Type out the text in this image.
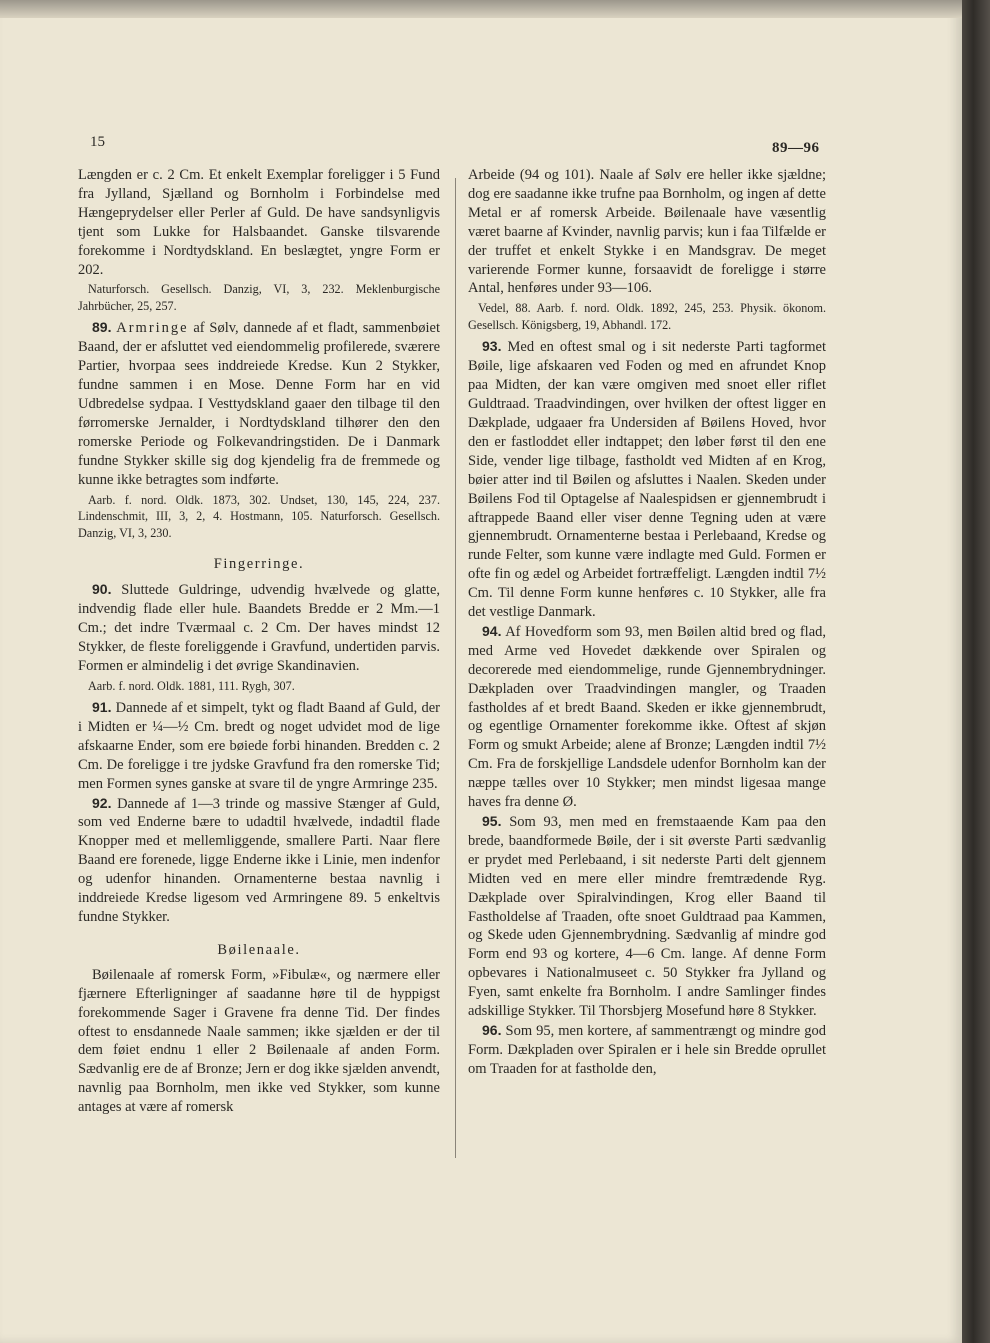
15	89—96

Længden er c. 2 Cm. Et enkelt Exemplar foreligger i 5 Fund fra Jylland, Sjælland og Bornholm i Forbindelse med Hængeprydelser eller Perler af Guld. De have sandsynligvis tjent som Lukke for Halsbaandet. Ganske tilsvarende forekomme i Nordtydskland. En beslægtet, yngre Form er 202.

Naturforsch. Gesellsch. Danzig, VI, 3, 232. Meklenburgische Jahrbücher, 25, 257.

89. Armringe af Sølv, dannede af et fladt, sammenbøiet Baand, der er afsluttet ved eiendommelig profilerede, sværere Partier, hvorpaa sees inddreiede Kredse. Kun 2 Stykker, fundne sammen i en Mose. Denne Form har en vid Udbredelse sydpaa. I Vesttydskland gaaer den tilbage til den førromerske Jernalder, i Nordtydskland tilhører den den romerske Periode og Folkevandringstiden. De i Danmark fundne Stykker skille sig dog kjendelig fra de fremmede og kunne ikke betragtes som indførte.

Aarb. f. nord. Oldk. 1873, 302. Undset, 130, 145, 224, 237. Lindenschmit, III, 3, 2, 4. Hostmann, 105. Naturforsch. Gesellsch. Danzig, VI, 3, 230.

Fingerringe.

90. Sluttede Guldringe, udvendig hvælvede og glatte, indvendig flade eller hule. Baandets Bredde er 2 Mm.—1 Cm.; det indre Tværmaal c. 2 Cm. Der haves mindst 12 Stykker, de fleste foreliggende i Gravfund, undertiden parvis. Formen er almindelig i det øvrige Skandinavien.

Aarb. f. nord. Oldk. 1881, 111. Rygh, 307.

91. Dannede af et simpelt, tykt og fladt Baand af Guld, der i Midten er ¼—½ Cm. bredt og noget udvidet mod de lige afskaarne Ender, som ere bøiede forbi hinanden. Bredden c. 2 Cm. De foreligge i tre jydske Gravfund fra den romerske Tid; men Formen synes ganske at svare til de yngre Armringe 235.

92. Dannede af 1—3 trinde og massive Stænger af Guld, som ved Enderne bære to udadtil hvælvede, indadtil flade Knopper med et mellemliggende, smallere Parti. Naar flere Baand ere forenede, ligge Enderne ikke i Linie, men indenfor og udenfor hinanden. Ornamenterne bestaa navnlig i inddreiede Kredse ligesom ved Armringene 89. 5 enkeltvis fundne Stykker.

Bøilenaale.

Bøilenaale af romersk Form, »Fibulæ«, og nærmere eller fjærnere Efterligninger af saadanne høre til de hyppigst forekommende Sager i Gravene fra denne Tid. Der findes oftest to ensdannede Naale sammen; ikke sjælden er der til dem føiet endnu 1 eller 2 Bøilenaale af anden Form. Sædvanlig ere de af Bronze; Jern er dog ikke sjælden anvendt, navnlig paa Bornholm, men ikke ved Stykker, som kunne antages at være af romersk

Arbeide (94 og 101). Naale af Sølv ere heller ikke sjældne; dog ere saadanne ikke trufne paa Bornholm, og ingen af dette Metal er af romersk Arbeide. Bøilenaale have væsentlig været baarne af Kvinder, navnlig parvis; kun i faa Tilfælde er der truffet et enkelt Stykke i en Mandsgrav. De meget varierende Former kunne, forsaavidt de foreligge i større Antal, henføres under 93—106.

Vedel, 88. Aarb. f. nord. Oldk. 1892, 245, 253. Physik. ökonom. Gesellsch. Königsberg, 19, Abhandl. 172.

93. Med en oftest smal og i sit nederste Parti tagformet Bøile, lige afskaaren ved Foden og med en afrundet Knop paa Midten, der kan være omgiven med snoet eller riflet Guldtraad. Traadvindingen, over hvilken der oftest ligger en Dækplade, udgaaer fra Undersiden af Bøilens Hoved, hvor den er fastloddet eller indtappet; den løber først til den ene Side, vender lige tilbage, fastholdt ved Midten af en Krog, bøier atter ind til Bøilen og afsluttes i Naalen. Skeden under Bøilens Fod til Optagelse af Naalespidsen er gjennembrudt i aftrappede Baand eller viser denne Tegning uden at være gjennembrudt. Ornamenterne bestaa i Perlebaand, Kredse og runde Felter, som kunne være indlagte med Guld. Formen er ofte fin og ædel og Arbeidet fortræffeligt. Længden indtil 7½ Cm. Til denne Form kunne henføres c. 10 Stykker, alle fra det vestlige Danmark.

94. Af Hovedform som 93, men Bøilen altid bred og flad, med Arme ved Hovedet dækkende over Spiralen og decorerede med eiendommelige, runde Gjennembrydninger. Dækpladen over Traadvindingen mangler, og Traaden fastholdes af et bredt Baand. Skeden er ikke gjennembrudt, og egentlige Ornamenter forekomme ikke. Oftest af skjøn Form og smukt Arbeide; alene af Bronze; Længden indtil 7½ Cm. Fra de forskjellige Landsdele udenfor Bornholm kan der næppe tælles over 10 Stykker; men mindst ligesaa mange haves fra denne Ø.

95. Som 93, men med en fremstaaende Kam paa den brede, baandformede Bøile, der i sit øverste Parti sædvanlig er prydet med Perlebaand, i sit nederste Parti delt gjennem Midten ved en mere eller mindre fremtrædende Ryg. Dækplade over Spiralvindingen, Krog eller Baand til Fastholdelse af Traaden, ofte snoet Guldtraad paa Kammen, og Skede uden Gjennembrydning. Sædvanlig af mindre god Form end 93 og kortere, 4—6 Cm. lange. Af denne Form opbevares i Nationalmuseet c. 50 Stykker fra Jylland og Fyen, samt enkelte fra Bornholm. I andre Samlinger findes adskillige Stykker. Til Thorsbjerg Mosefund høre 8 Stykker.

96. Som 95, men kortere, af sammentrængt og mindre god Form. Dækpladen over Spiralen er i hele sin Bredde oprullet om Traaden for at fastholde den,
